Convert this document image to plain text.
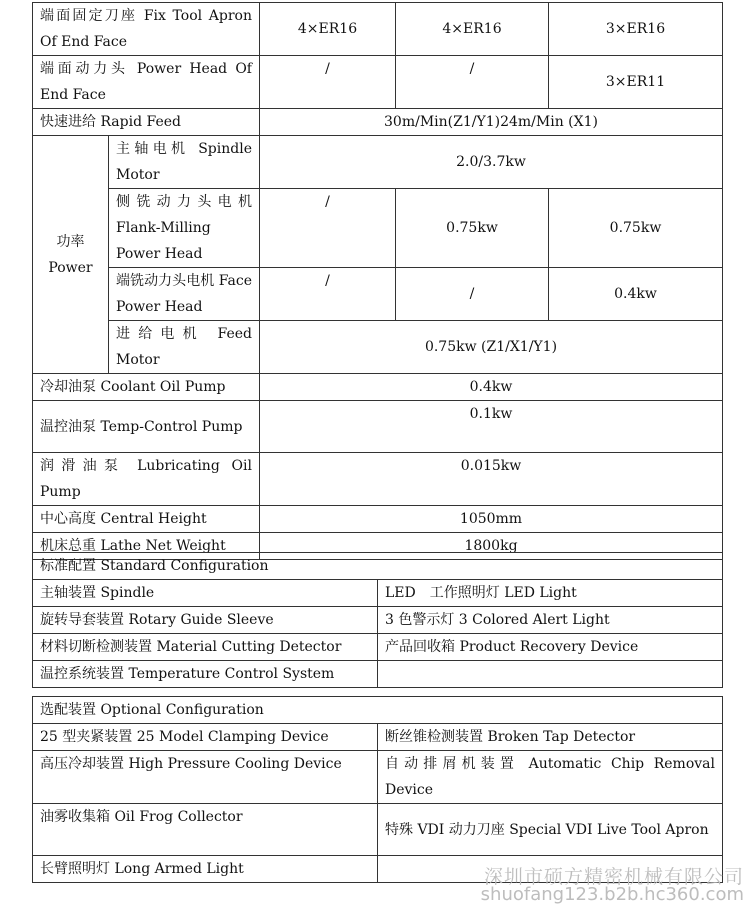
端面固定刀座 Fix Tool Apron Of End Face		4×ER16	4×ER16	3×ER16
端面动力头 Power Head Of End Face		/	/	3×ER11
快速进给 Rapid Feed		30m/Min(Z1/Y1)24m/Min (X1)		
功率 Power	主轴电机 Spindle Motor	2.0/3.7kw		
	侧铣动力头电机 Flank-Milling Power Head	/	0.75kw	0.75kw
	端铣动力头电机 Face Power Head	/	/	0.4kw
	进给电机 Feed Motor	0.75kw (Z1/X1/Y1)		
冷却油泵 Coolant Oil Pump		0.4kw		
温控油泵 Temp-Control Pump		0.1kw		
润滑油泵 Lubricating Oil Pump		0.015kw		
中心高度 Central Height		1050mm		
机床总重 Lathe Net Weight		1800kg		
标准配置 Standard Configuration	
主轴装置 Spindle	LED　工作照明灯 LED Light
旋转导套装置 Rotary Guide Sleeve	3 色警示灯 3 Colored Alert Light
材料切断检测装置 Material Cutting Detector	产品回收箱 Product Recovery Device
温控系统装置 Temperature Control System	
选配装置 Optional Configuration	
25 型夹紧装置 25 Model Clamping Device	断丝锥检测装置 Broken Tap Detector
高压冷却装置 High Pressure Cooling Device	自动排屑机装置 Automatic Chip Removal Device
油雾收集箱 Oil Frog Collector	特殊 VDI 动力刀座 Special VDI Live Tool Apron
长臂照明灯 Long Armed Light		深圳市硕方精密机械有限公司
shuofang123.b2b.hc360.com
